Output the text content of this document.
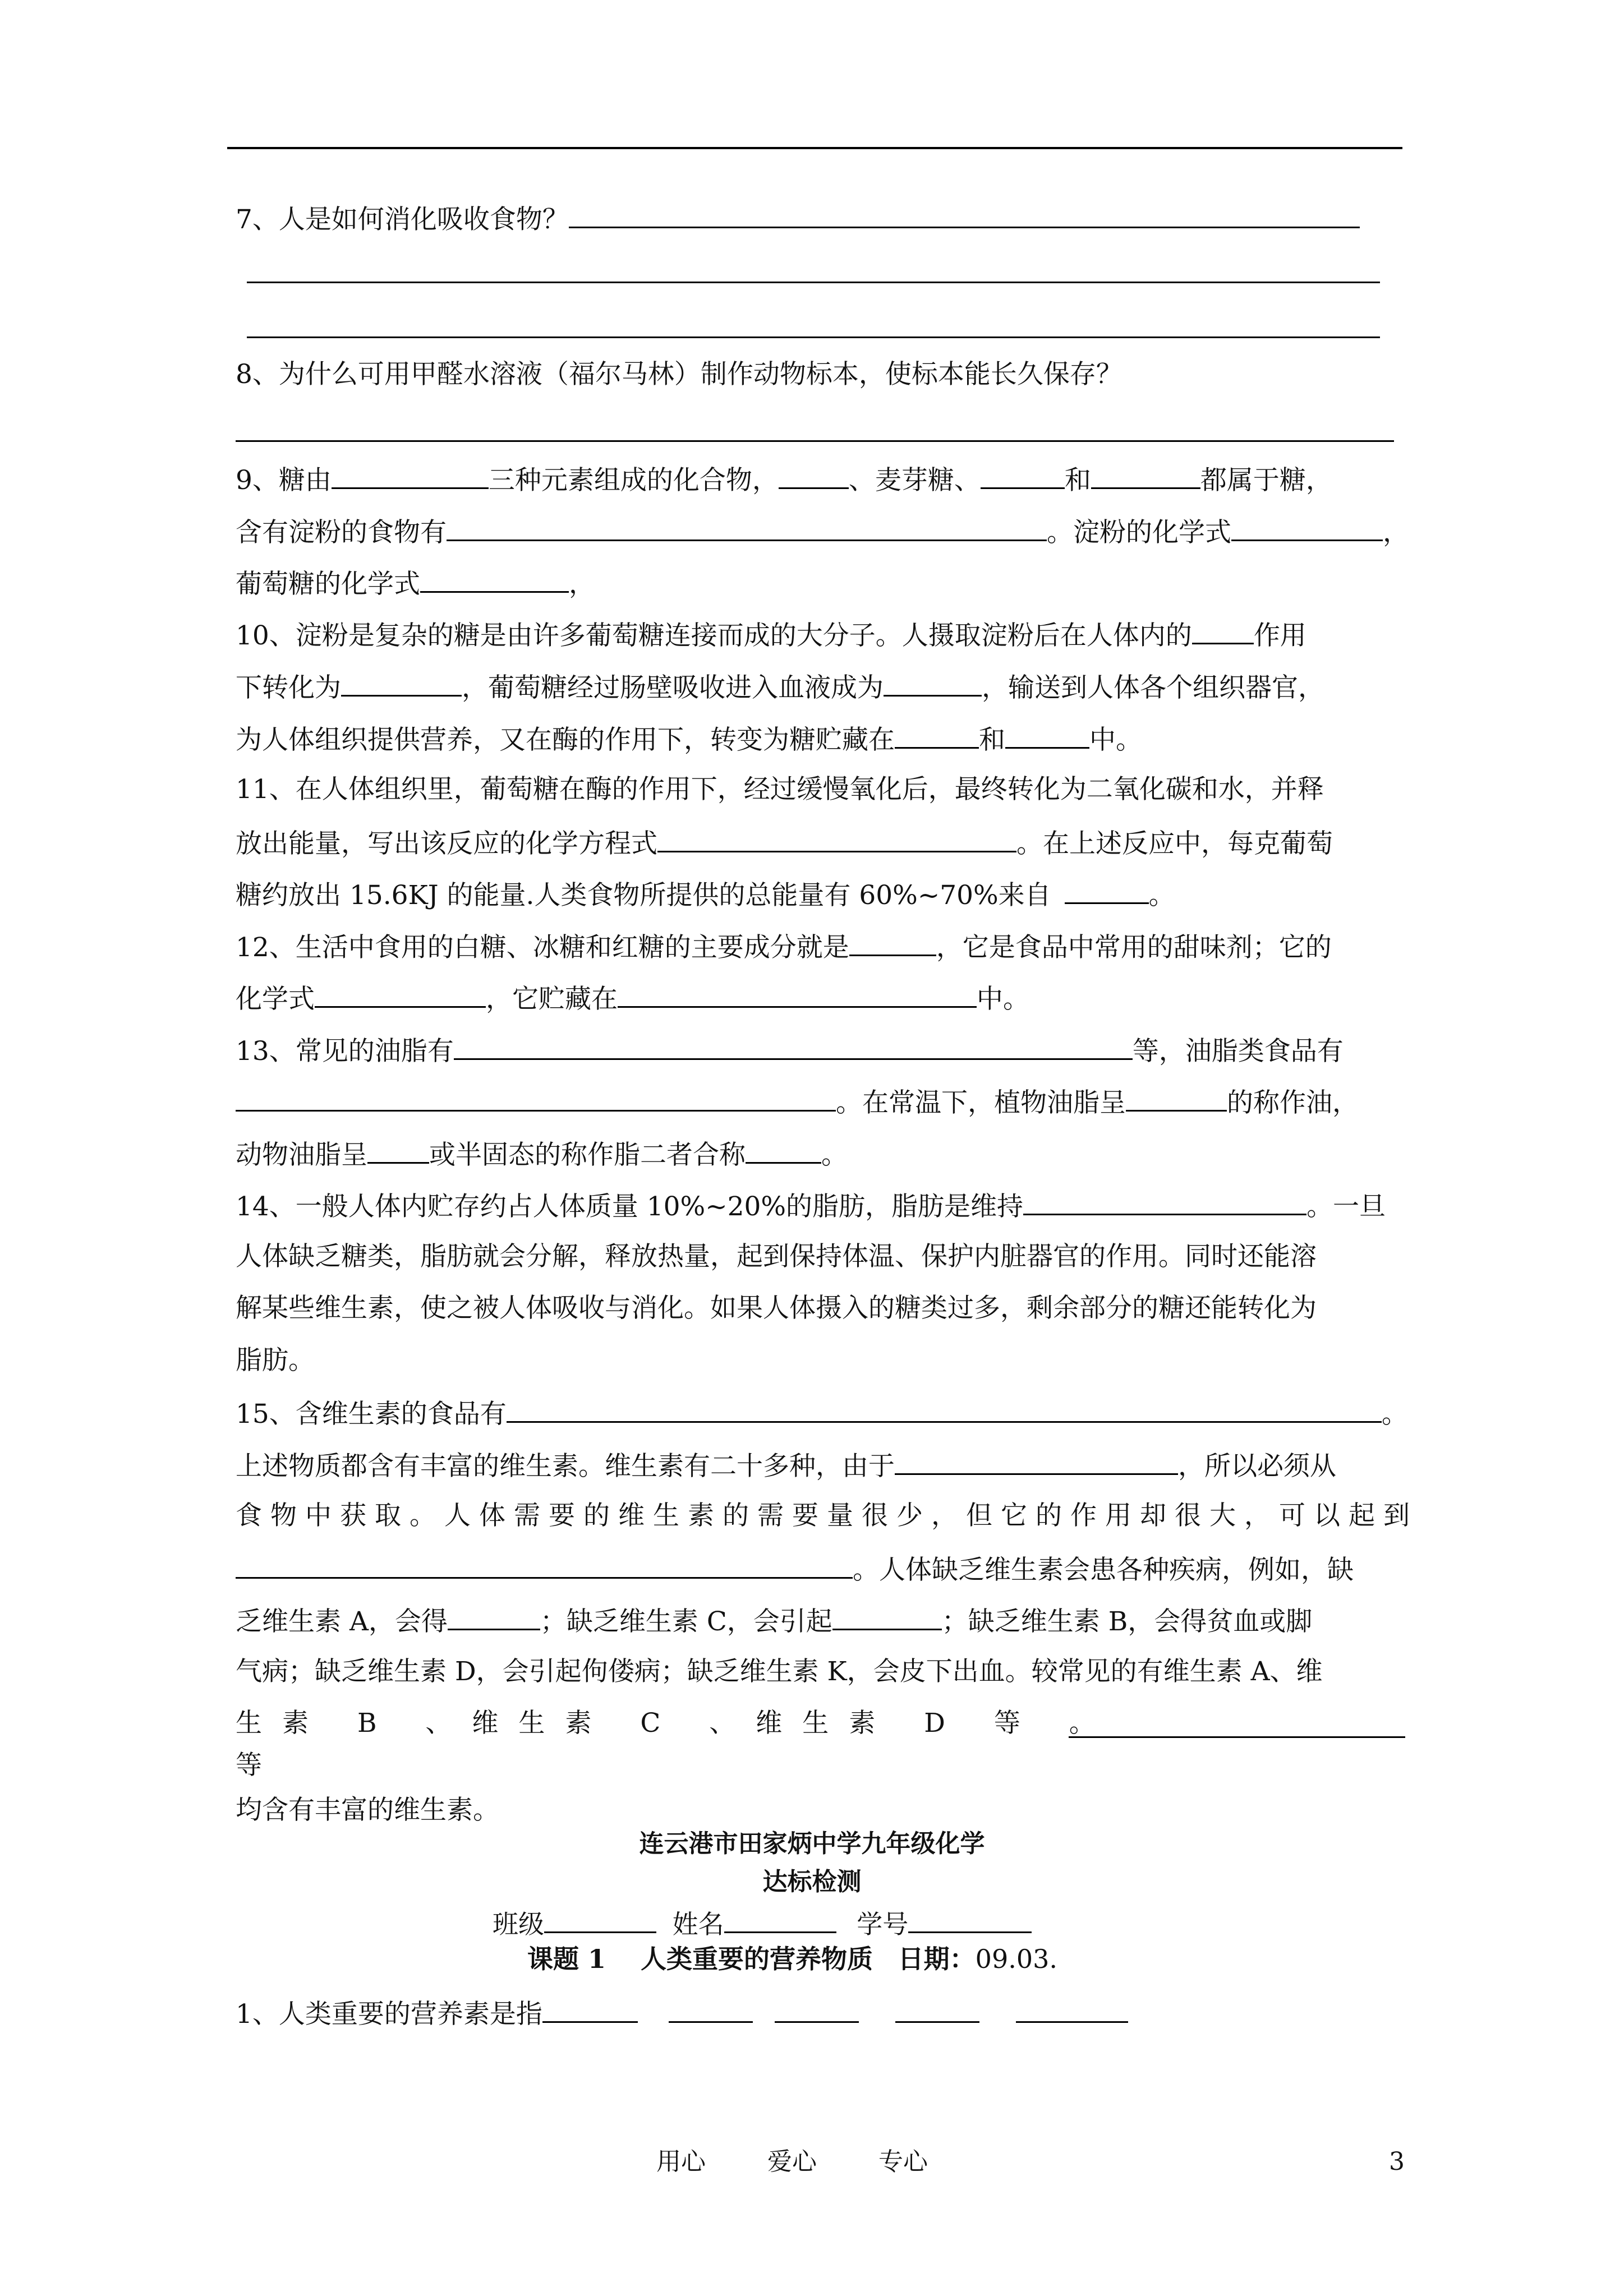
7、人是如何消化吸收食物？
8、为什么可用甲醛水溶液（福尔马林）制作动物标本，使标本能长久保存？
9、糖由	三种元素组成的化合物，	、麦芽糖、	和	都属于糖，
含有淀粉的食物有	。淀粉的化学式	，
葡萄糖的化学式	，
10、淀粉是复杂的糖是由许多葡萄糖连接而成的大分子。人摄取淀粉后在人体内的 作用
下转化为	，葡萄糖经过肠壁吸收进入血液成为	，输送到人体各个组织器官，
为人体组织提供营养，又在酶的作用下，转变为糖贮藏在	和	中。
11、在人体组织里，葡萄糖在酶的作用下，经过缓慢氧化后，最终转化为二氧化碳和水，并释
放出能量，写出该反应的化学方程式	。在上述反应中，每克葡萄
糖约放出 15.6KJ 的能量.人类食物所提供的总能量有 60%~70%来自	。
12、生活中食用的白糖、冰糖和红糖的主要成分就是	，它是食品中常用的甜味剂；它的
化学式	，它贮藏在	中。
13、常见的油脂有	等，油脂类食品有
。在常温下，植物油脂呈	的称作油，
动物油脂呈 或半固态的称作脂二者合称	。
14、一般人体内贮存约占人体质量 10%~20%的脂肪，脂肪是维持	。一旦
人体缺乏糖类，脂肪就会分解，释放热量，起到保持体温、保护内脏器官的作用。同时还能溶
解某些维生素，使之被人体吸收与消化。如果人体摄入的糖类过多，剩余部分的糖还能转化为
脂肪。
15、含维生素的食品有	。
上述物质都含有丰富的维生素。维生素有二十多种，由于	，所以必须从
食物中获取。人体需要的维生素的需要量很少，但它的作用却很大，可以起到
。人体缺乏维生素会患各种疾病，例如，缺
乏维生素 A，会得	；缺乏维生素 C，会引起	；缺乏维生素 B，会得贫血或脚
气病；缺乏维生素 D，会引起佝偻病；缺乏维生素 K，会皮下出血。较常见的有维生素 A、维
生素 B 、维生素 C 、维生素 D 等 。
等
均含有丰富的维生素。
连云港市田家炳中学九年级化学
达标检测
班级	姓名	学号
课题 1　 人类重要的营养物质 日期：09.03.
1、人类重要的营养素是指
用心	爱心	专心	3
